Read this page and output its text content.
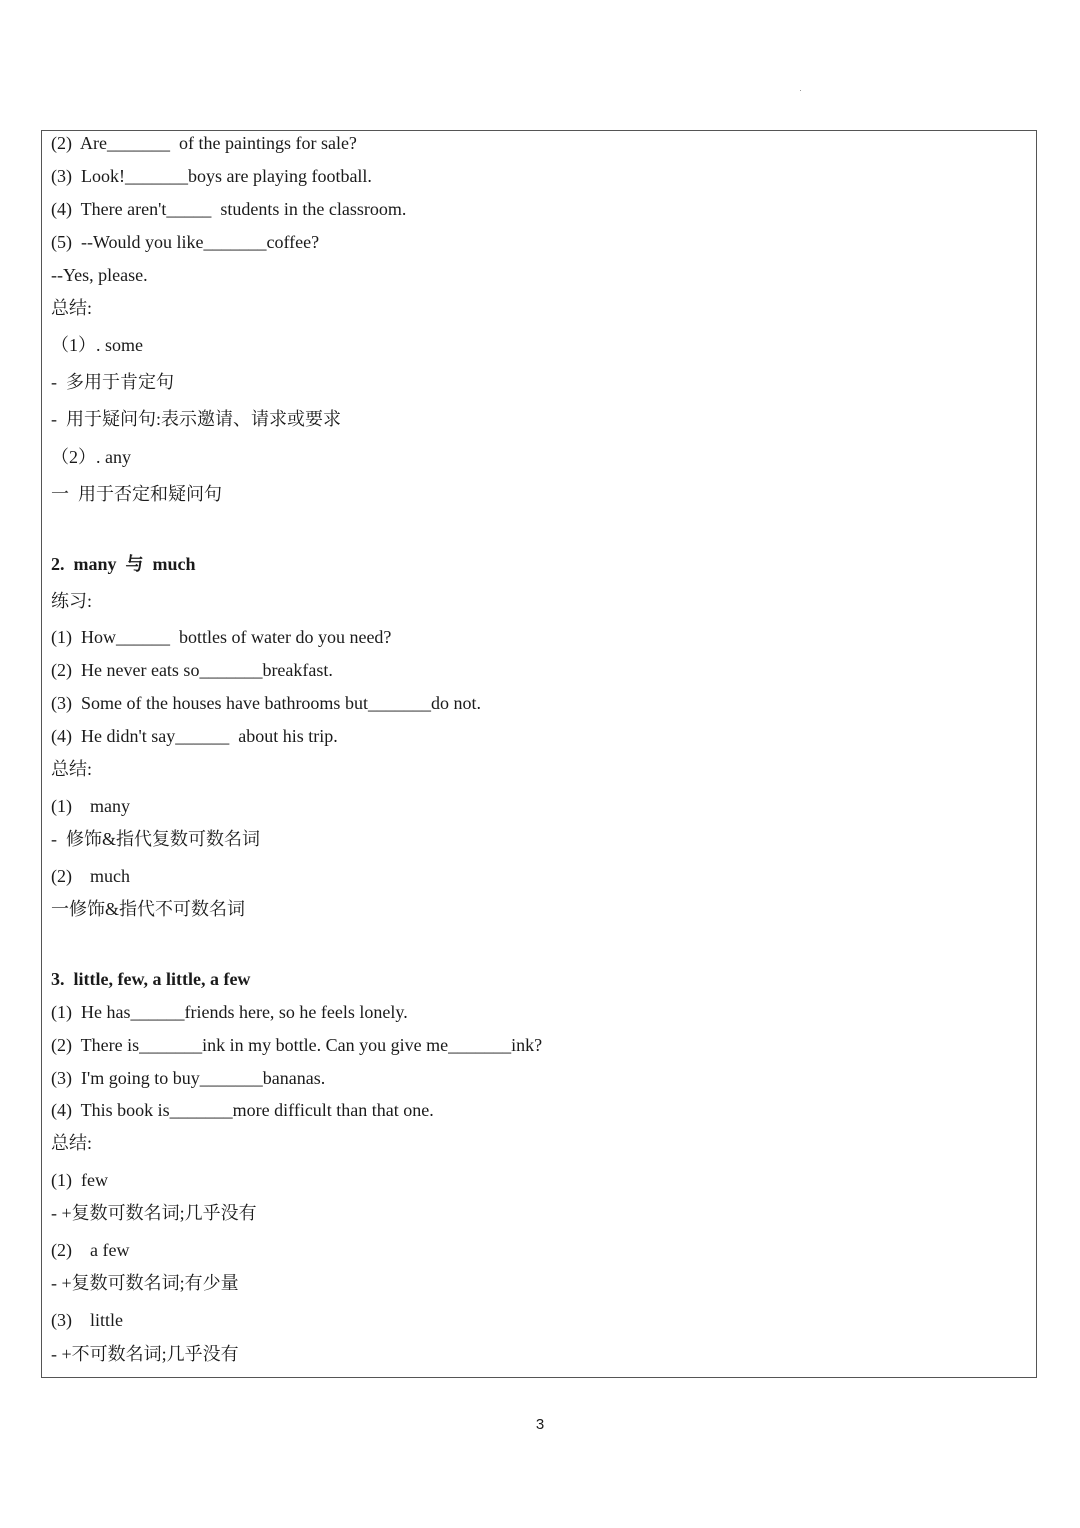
(2)  Are_______  of the paintings for sale?
(3)  Look!_______boys are playing football.
(4)  There aren't_____  students in the classroom.
(5)  --Would you like_______coffee?
--Yes, please.
总结:
（1）. some
-  多用于肯定句
-  用于疑问句:表示邀请、请求或要求
（2）. any
一  用于否定和疑问句
2.  many  与  much
练习:
(1)  How______  bottles of water do you need?
(2)  He never eats so_______breakfast.
(3)  Some of the houses have bathrooms but_______do not.
(4)  He didn't say______  about his trip.
总结:
(1)    many
-  修饰&指代复数可数名词
(2)    much
一修饰&指代不可数名词
3.  little, few, a little, a few
(1)  He has______friends here, so he feels lonely.
(2)  There is_______ink in my bottle. Can you give me_______ink?
(3)  I'm going to buy_______bananas.
(4)  This book is_______more difficult than that one.
总结:
(1)  few
- +复数可数名词;几乎没有
(2)    a few
- +复数可数名词;有少量
(3)    little
- +不可数名词;几乎没有
3
